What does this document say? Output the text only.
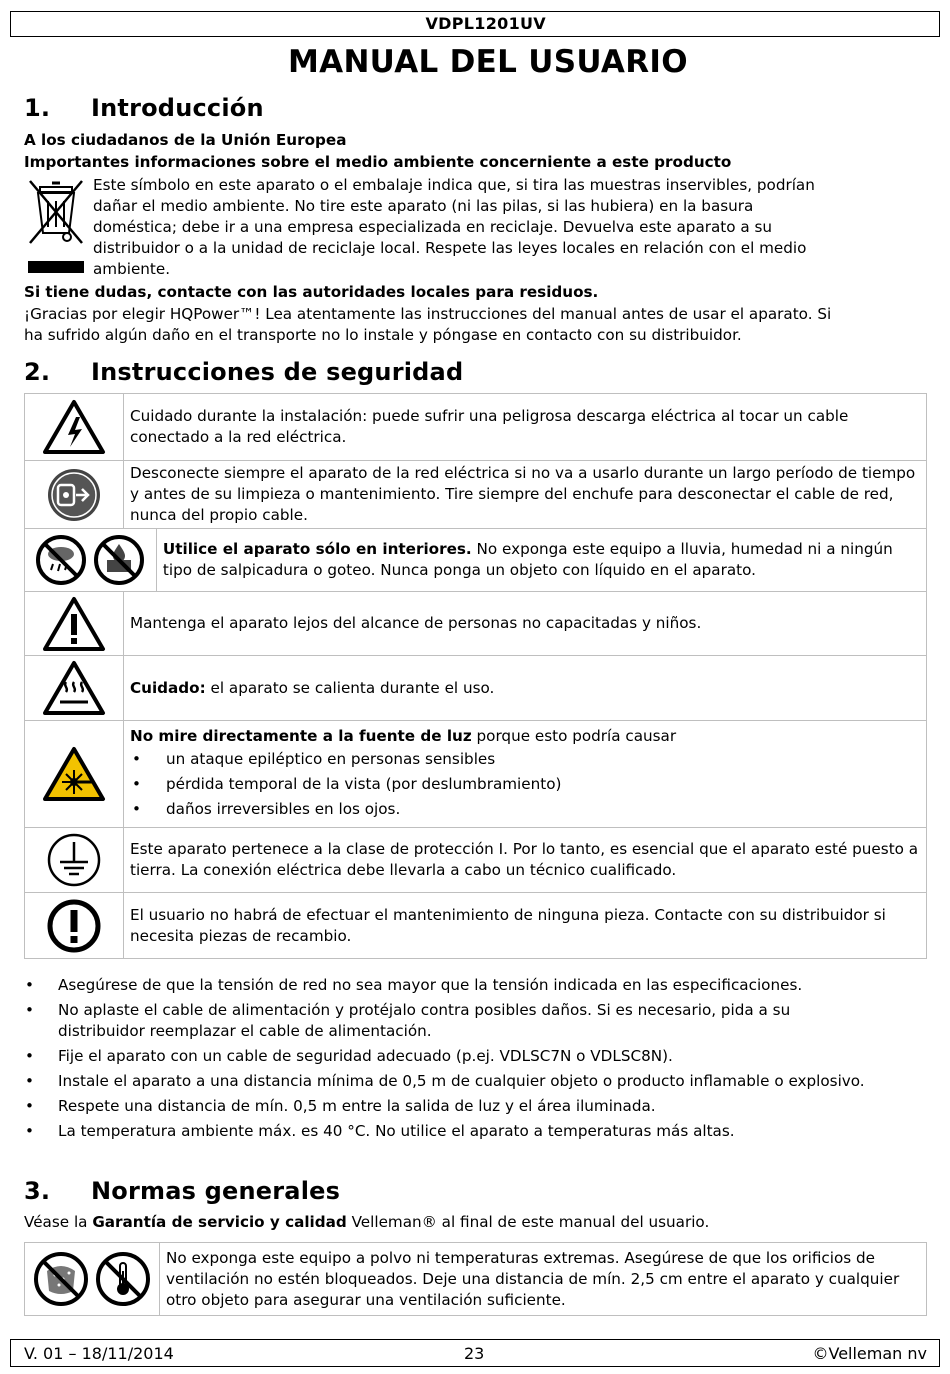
VDPL1201UV
MANUAL DEL USUARIO
1. Introducción
A los ciudadanos de la Unión Europea
Importantes informaciones sobre el medio ambiente concerniente a este producto
Este símbolo en este aparato o el embalaje indica que, si tira las muestras inservibles, podrían
dañar el medio ambiente. No tire este aparato (ni las pilas, si las hubiera) en la basura
doméstica; debe ir a una empresa especializada en reciclaje. Devuelva este aparato a su
distribuidor o a la unidad de reciclaje local. Respete las leyes locales en relación con el medio
ambiente.
Si tiene dudas, contacte con las autoridades locales para residuos.
¡Gracias por elegir HQPower™! Lea atentamente las instrucciones del manual antes de usar el aparato. Si
ha sufrido algún daño en el transporte no lo instale y póngase en contacto con su distribuidor.
2. Instrucciones de seguridad
	Cuidado durante la instalación: puede sufrir una peligrosa descarga eléctrica al tocar un cable conectado a la red eléctrica.	

	Desconecte siempre el aparato de la red eléctrica si no va a usarlo durante un largo período de tiempo y antes de su limpieza o mantenimiento. Tire siempre del enchufe para desconectar el cable de red, nunca del propio cable.	

	Utilice el aparato sólo en interiores. No exponga este equipo a lluvia, humedad ni a ningún tipo de salpicadura o goteo. Nunca ponga un objeto con líquido en el aparato.

	Mantenga el aparato lejos del alcance de personas no capacitadas y niños.	

	Cuidado: el aparato se calienta durante el uso.	

No mire directamente a la fuente de luz porque esto podría causar
• un ataque epiléptico en personas sensibles
• pérdida temporal de la vista (por deslumbramiento)
• daños irreversibles en los ojos.

	Este aparato pertenece a la clase de protección I. Por lo tanto, es esencial que el aparato esté puesto a tierra. La conexión eléctrica debe llevarla a cabo un técnico cualificado.	

	El usuario no habrá de efectuar el mantenimiento de ninguna pieza. Contacte con su distribuidor si necesita piezas de recambio.	
• Asegúrese de que la tensión de red no sea mayor que la tensión indicada en las especificaciones.
• No aplaste el cable de alimentación y protéjalo contra posibles daños. Si es necesario, pida a su distribuidor reemplazar el cable de alimentación.
• Fije el aparato con un cable de seguridad adecuado (p.ej. VDLSC7N o VDLSC8N).
• Instale el aparato a una distancia mínima de 0,5 m de cualquier objeto o producto inflamable o explosivo.
• Respete una distancia de mín. 0,5 m entre la salida de luz y el área iluminada.
• La temperatura ambiente máx. es 40 °C. No utilice el aparato a temperaturas más altas.
3. Normas generales
Véase la Garantía de servicio y calidad Velleman® al final de este manual del usuario.
	No exponga este equipo a polvo ni temperaturas extremas. Asegúrese de que los orificios de ventilación no estén bloqueados. Deje una distancia de mín. 2,5 cm entre el aparato y cualquier otro objeto para asegurar una ventilación suficiente.
V. 01 – 18/11/2014	23	©Velleman nv
